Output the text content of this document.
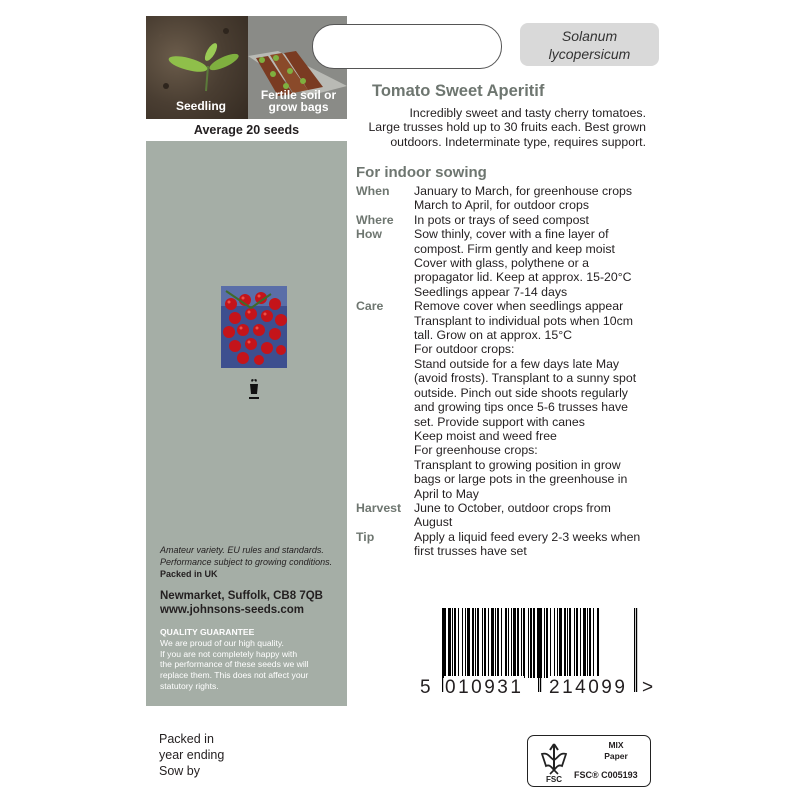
Seedling
Fertile soil or grow bags
Average 20 seeds
Amateur variety. EU rules and standards.
Performance subject to growing conditions.
Packed in UK
Newmarket, Suffolk, CB8 7QB
www.johnsons-seeds.com
QUALITY GUARANTEE
We are proud of our high quality.
If you are not completely happy with
the performance of these seeds we will
replace them. This does not affect your
statutory rights.
Solanum
lycopersicum
Tomato Sweet Aperitif
Incredibly sweet and tasty cherry tomatoes.
Large trusses hold up to 30 fruits each. Best grown
outdoors. Indeterminate type, requires support.
For indoor sowing
When	January to March, for greenhouse crops
March to April, for outdoor crops
Where	In pots or trays of seed compost
How	Sow thinly, cover with a fine layer of
compost. Firm gently and keep moist
Cover with glass, polythene or a
propagator lid. Keep at approx. 15-20°C
Seedlings appear 7-14 days
Care	Remove cover when seedlings appear
Transplant to individual pots when 10cm
tall. Grow on at approx. 15°C
For outdoor crops:
Stand outside for a few days late May
(avoid frosts). Transplant to a sunny spot
outside. Pinch out side shoots regularly
and growing tips once 5-6 trusses have
set. Provide support with canes
Keep moist and weed free
For greenhouse crops:
Transplant to growing position in grow
bags or large pots in the greenhouse in
April to May
Harvest	June to October, outdoor crops from
August
Tip	Apply a liquid feed every 2-3 weeks when
first trusses have set
5 010931 214099 >
Packed in
year ending
Sow by
FSC
MIX
Paper
FSC® C005193
